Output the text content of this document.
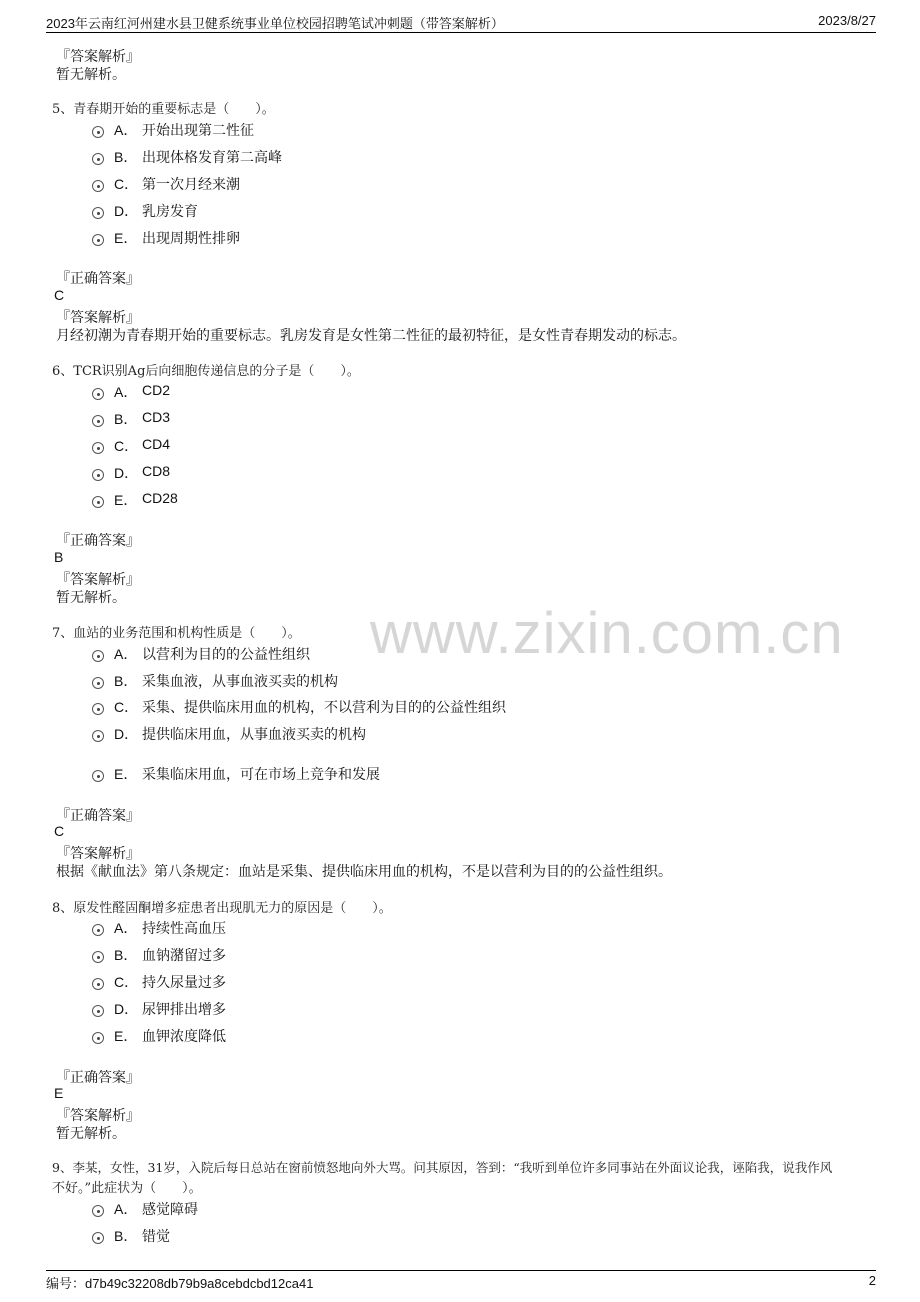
2023年云南红河州建水县卫健系统事业单位校园招聘笔试冲刺题（带答案解析）	2023/8/27
www.zixin.com.cn
『答案解析』
暂无解析。
5、青春期开始的重要标志是（　　）。
A． 开始出现第二性征
B． 出现体格发育第二高峰
C． 第一次月经来潮
D． 乳房发育
E． 出现周期性排卵
『正确答案』
C
『答案解析』
月经初潮为青春期开始的重要标志。乳房发育是女性第二性征的最初特征，是女性青春期发动的标志。
6、TCR识别Ag后向细胞传递信息的分子是（　　）。
A． CD2
B． CD3
C． CD4
D． CD8
E． CD28
『正确答案』
B
『答案解析』
暂无解析。
7、血站的业务范围和机构性质是（　　）。
A． 以营利为目的的公益性组织
B． 采集血液，从事血液买卖的机构
C． 采集、提供临床用血的机构，不以营利为目的的公益性组织
D． 提供临床用血，从事血液买卖的机构
E． 采集临床用血，可在市场上竞争和发展
『正确答案』
C
『答案解析』
根据《献血法》第八条规定：血站是采集、提供临床用血的机构，不是以营利为目的的公益性组织。
8、原发性醛固酮增多症患者出现肌无力的原因是（　　）。
A． 持续性高血压
B． 血钠潴留过多
C． 持久尿量过多
D． 尿钾排出增多
E． 血钾浓度降低
『正确答案』
E
『答案解析』
暂无解析。
9、李某，女性，31岁，入院后每日总站在窗前愤怒地向外大骂。问其原因，答到：“我听到单位许多同事站在外面议论我，诬陷我，说我作风
不好。”此症状为（　　）。
A． 感觉障碍
B． 错觉
编号：d7b49c32208db79b9a8cebdcbd12ca41	2
